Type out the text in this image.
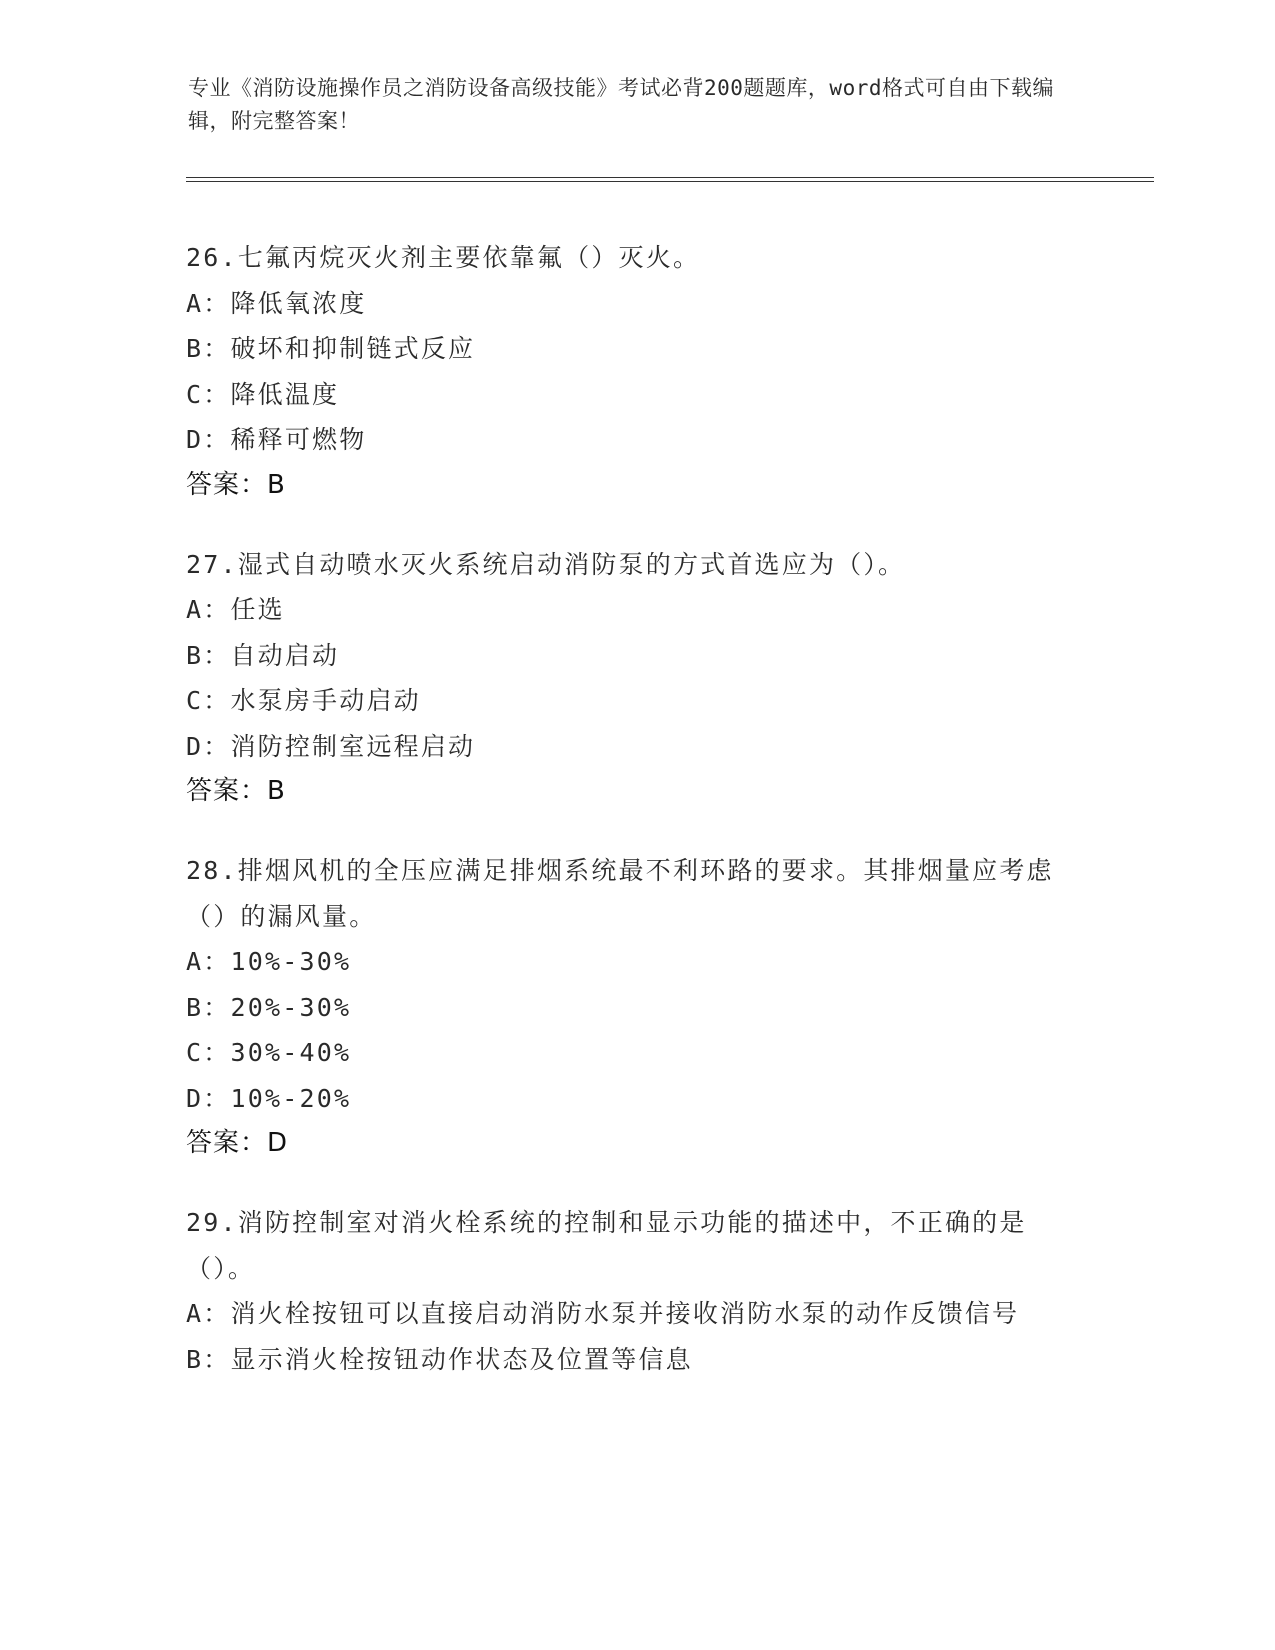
专业《消防设施操作员之消防设备高级技能》考试必背200题题库，word格式可自由下载编辑，附完整答案！
26.七氟丙烷灭火剂主要依靠氟（）灭火。
A：降低氧浓度
B：破坏和抑制链式反应
C：降低温度
D：稀释可燃物
答案：B
27.湿式自动喷水灭火系统启动消防泵的方式首选应为（）。
A：任选
B：自动启动
C：水泵房手动启动
D：消防控制室远程启动
答案：B
28.排烟风机的全压应满足排烟系统最不利环路的要求。其排烟量应考虑（）的漏风量。
A：10%-30%
B：20%-30%
C：30%-40%
D：10%-20%
答案：D
29.消防控制室对消火栓系统的控制和显示功能的描述中，不正确的是（）。
A：消火栓按钮可以直接启动消防水泵并接收消防水泵的动作反馈信号
B：显示消火栓按钮动作状态及位置等信息
